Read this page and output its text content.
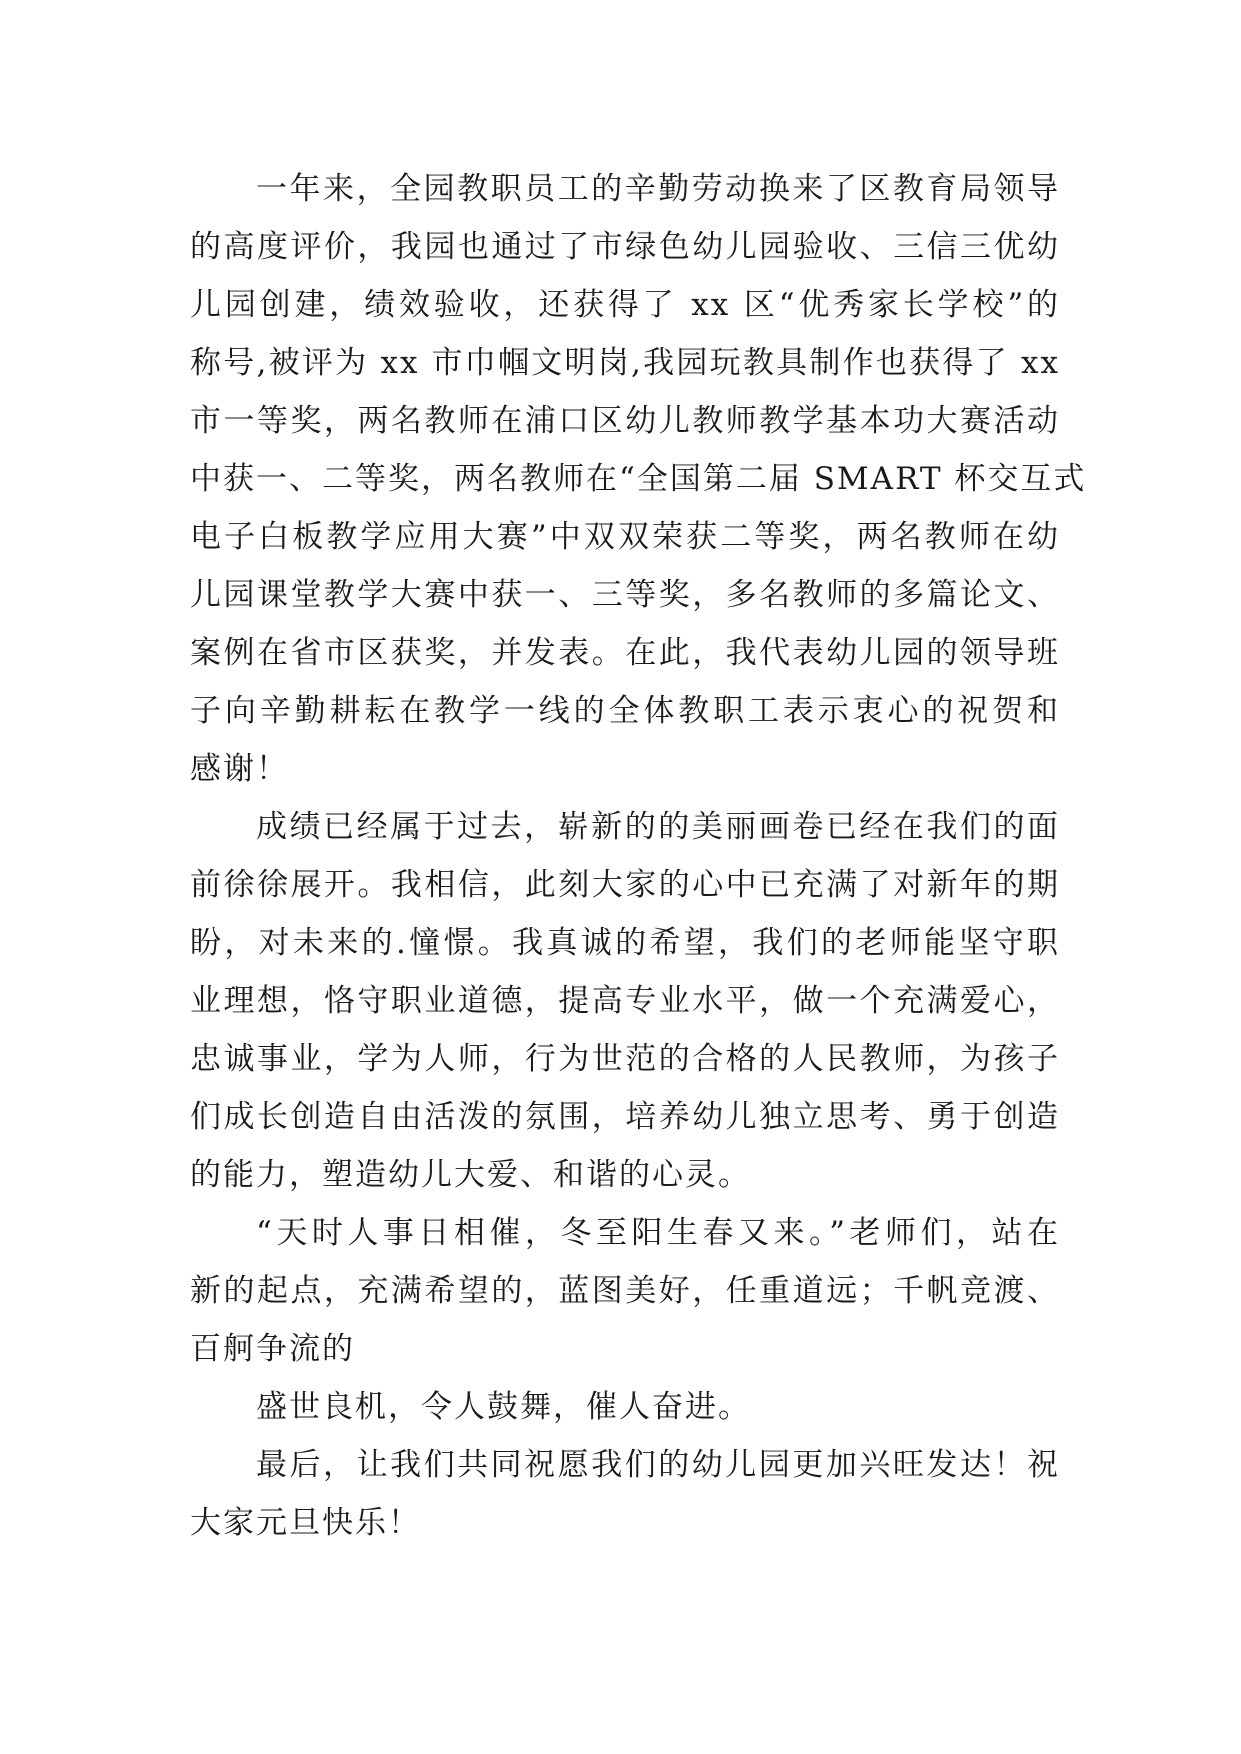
一年来，全园教职员工的辛勤劳动换来了区教育局领导
的高度评价，我园也通过了市绿色幼儿园验收、三信三优幼
儿园创建，绩效验收，还获得了 xx 区“优秀家长学校”的
称号,被评为 xx 市巾帼文明岗,我园玩教具制作也获得了 xx
市一等奖，两名教师在浦口区幼儿教师教学基本功大赛活动
中获一、二等奖，两名教师在“全国第二届 SMART 杯交互式
电子白板教学应用大赛”中双双荣获二等奖，两名教师在幼
儿园课堂教学大赛中获一、三等奖，多名教师的多篇论文、
案例在省市区获奖，并发表。在此，我代表幼儿园的领导班
子向辛勤耕耘在教学一线的全体教职工表示衷心的祝贺和
感谢！
成绩已经属于过去，崭新的的美丽画卷已经在我们的面
前徐徐展开。我相信，此刻大家的心中已充满了对新年的期
盼，对未来的.憧憬。我真诚的希望，我们的老师能坚守职
业理想，恪守职业道德，提高专业水平，做一个充满爱心，
忠诚事业，学为人师，行为世范的合格的人民教师，为孩子
们成长创造自由活泼的氛围，培养幼儿独立思考、勇于创造
的能力，塑造幼儿大爱、和谐的心灵。
“天时人事日相催，冬至阳生春又来。”老师们，站在
新的起点，充满希望的，蓝图美好，任重道远；千帆竞渡、
百舸争流的
盛世良机，令人鼓舞，催人奋进。
最后，让我们共同祝愿我们的幼儿园更加兴旺发达！祝
大家元旦快乐！
